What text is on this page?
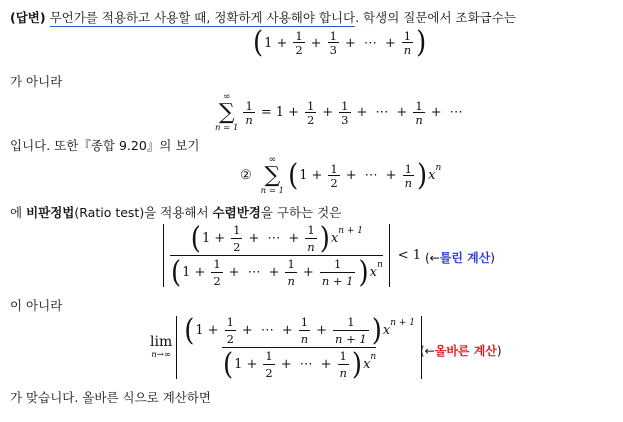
(답변) 무언가를 적용하고 사용할 때, 정확하게 사용해야 합니다. 학생의 질문에서 조화급수는
( $1 + \frac{1}{2} + \frac{1}{3}$ + ⋯ + $\frac{1}{n}$ )
가 아니라
∞
∑
n = 1
$\frac{1}{n} = 1 + \frac{1}{2} + \frac{1}{3}$ + ⋯ + $\frac{1}{n}$ + ⋯
입니다. 또한『종합 9.20』의 보기
②
∞
∑
n = 1 ( $1 + \frac{1}{2}$ + ⋯ + $\frac{1}{n}$ ) x
$^n$
에 비판정법(Ratio test)을 적용해서 수렴반경을 구하는 것은
( $1 + \frac{1}{2}$ + ⋯ + $\frac{1}{n}$ ) x
$^{n + 1}$
( $1 + \frac{1}{2}$ + ⋯ + $\frac{1}{n} + \frac{1}{n + 1}$ ) x
$^n$
< 1 (←틀린 계산)
이 아니라
lim
n→∞
( $1 + \frac{1}{2}$ + ⋯ + $\frac{1}{n} + \frac{1}{n + 1}$ ) x
$^{n + 1}$
( $1 + \frac{1}{2}$ + ⋯ + $\frac{1}{n}$ ) x
$^n$	(←올바른 계산)
가 맞습니다. 올바른 식으로 계산하면
